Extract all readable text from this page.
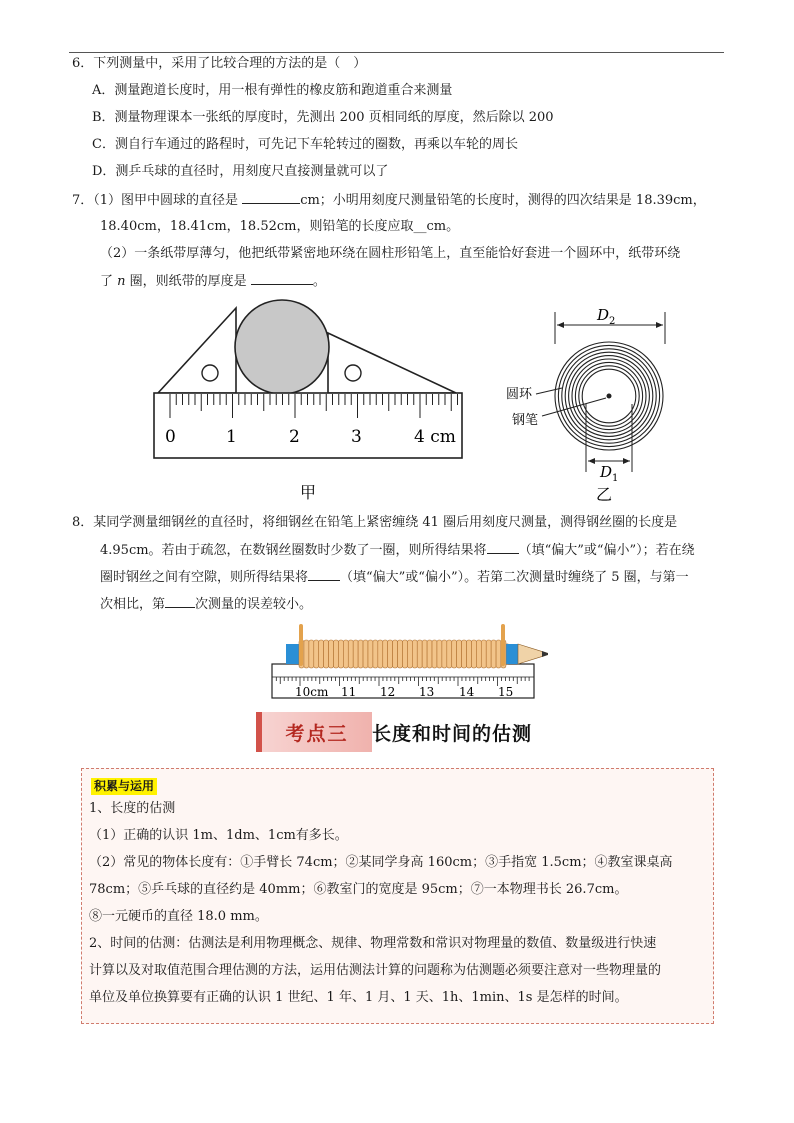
6．下列测量中，采用了比较合理的方法的是（　）
A．测量跑道长度时，用一根有弹性的橡皮筋和跑道重合来测量
B．测量物理课本一张纸的厚度时，先测出 200 页相同纸的厚度，然后除以 200
C．测自行车通过的路程时，可先记下车轮转过的圈数，再乘以车轮的周长
D．测乒乓球的直径时，用刻度尺直接测量就可以了
7．（1）图甲中圆球的直径是	cm；小明用刻度尺测量铅笔的长度时，测得的四次结果是 18.39cm，
18.40cm，18.41cm，18.52cm，则铅笔的长度应取__cm。
（2）一条纸带厚薄匀，他把纸带紧密地环绕在圆柱形铅笔上，直至能恰好套进一个圆环中，纸带环绕
了 n 圈，则纸带的厚度是	。
0	1	2	3	4 cm
甲
$D_2$
$D_1$
圆环
钢笔
乙
8．某同学测量细钢丝的直径时，将细钢丝在铅笔上紧密缠绕 41 圈后用刻度尺测量，测得钢丝圈的长度是
4.95cm。若由于疏忽，在数钢丝圈数时少数了一圈，则所得结果将 （填“偏大”或“偏小”）；若在绕
圈时钢丝之间有空隙，则所得结果将 （填“偏大”或“偏小”）。若第二次测量时缠绕了 5 圈，与第一
次相比，第 次测量的误差较小。
10cm 11 12 13 14 15
考点三 长度和时间的估测
积累与运用
1、长度的估测
（1）正确的认识 1m、1dm、1cm有多长。
（2）常见的物体长度有：①手臂长 74cm；②某同学身高 160cm；③手指宽 1.5cm；④教室课桌高
78cm；⑤乒乓球的直径约是 40mm；⑥教室门的宽度是 95cm；⑦一本物理书长 26.7cm。
⑧一元硬币的直径 18.0 mm。
2、时间的估测：估测法是利用物理概念、规律、物理常数和常识对物理量的数值、数量级进行快速
计算以及对取值范围合理估测的方法，运用估测法计算的问题称为估测题必须要注意对一些物理量的
单位及单位换算要有正确的认识 1 世纪、1 年、1 月、1 天、1h、1min、1s 是怎样的时间。
